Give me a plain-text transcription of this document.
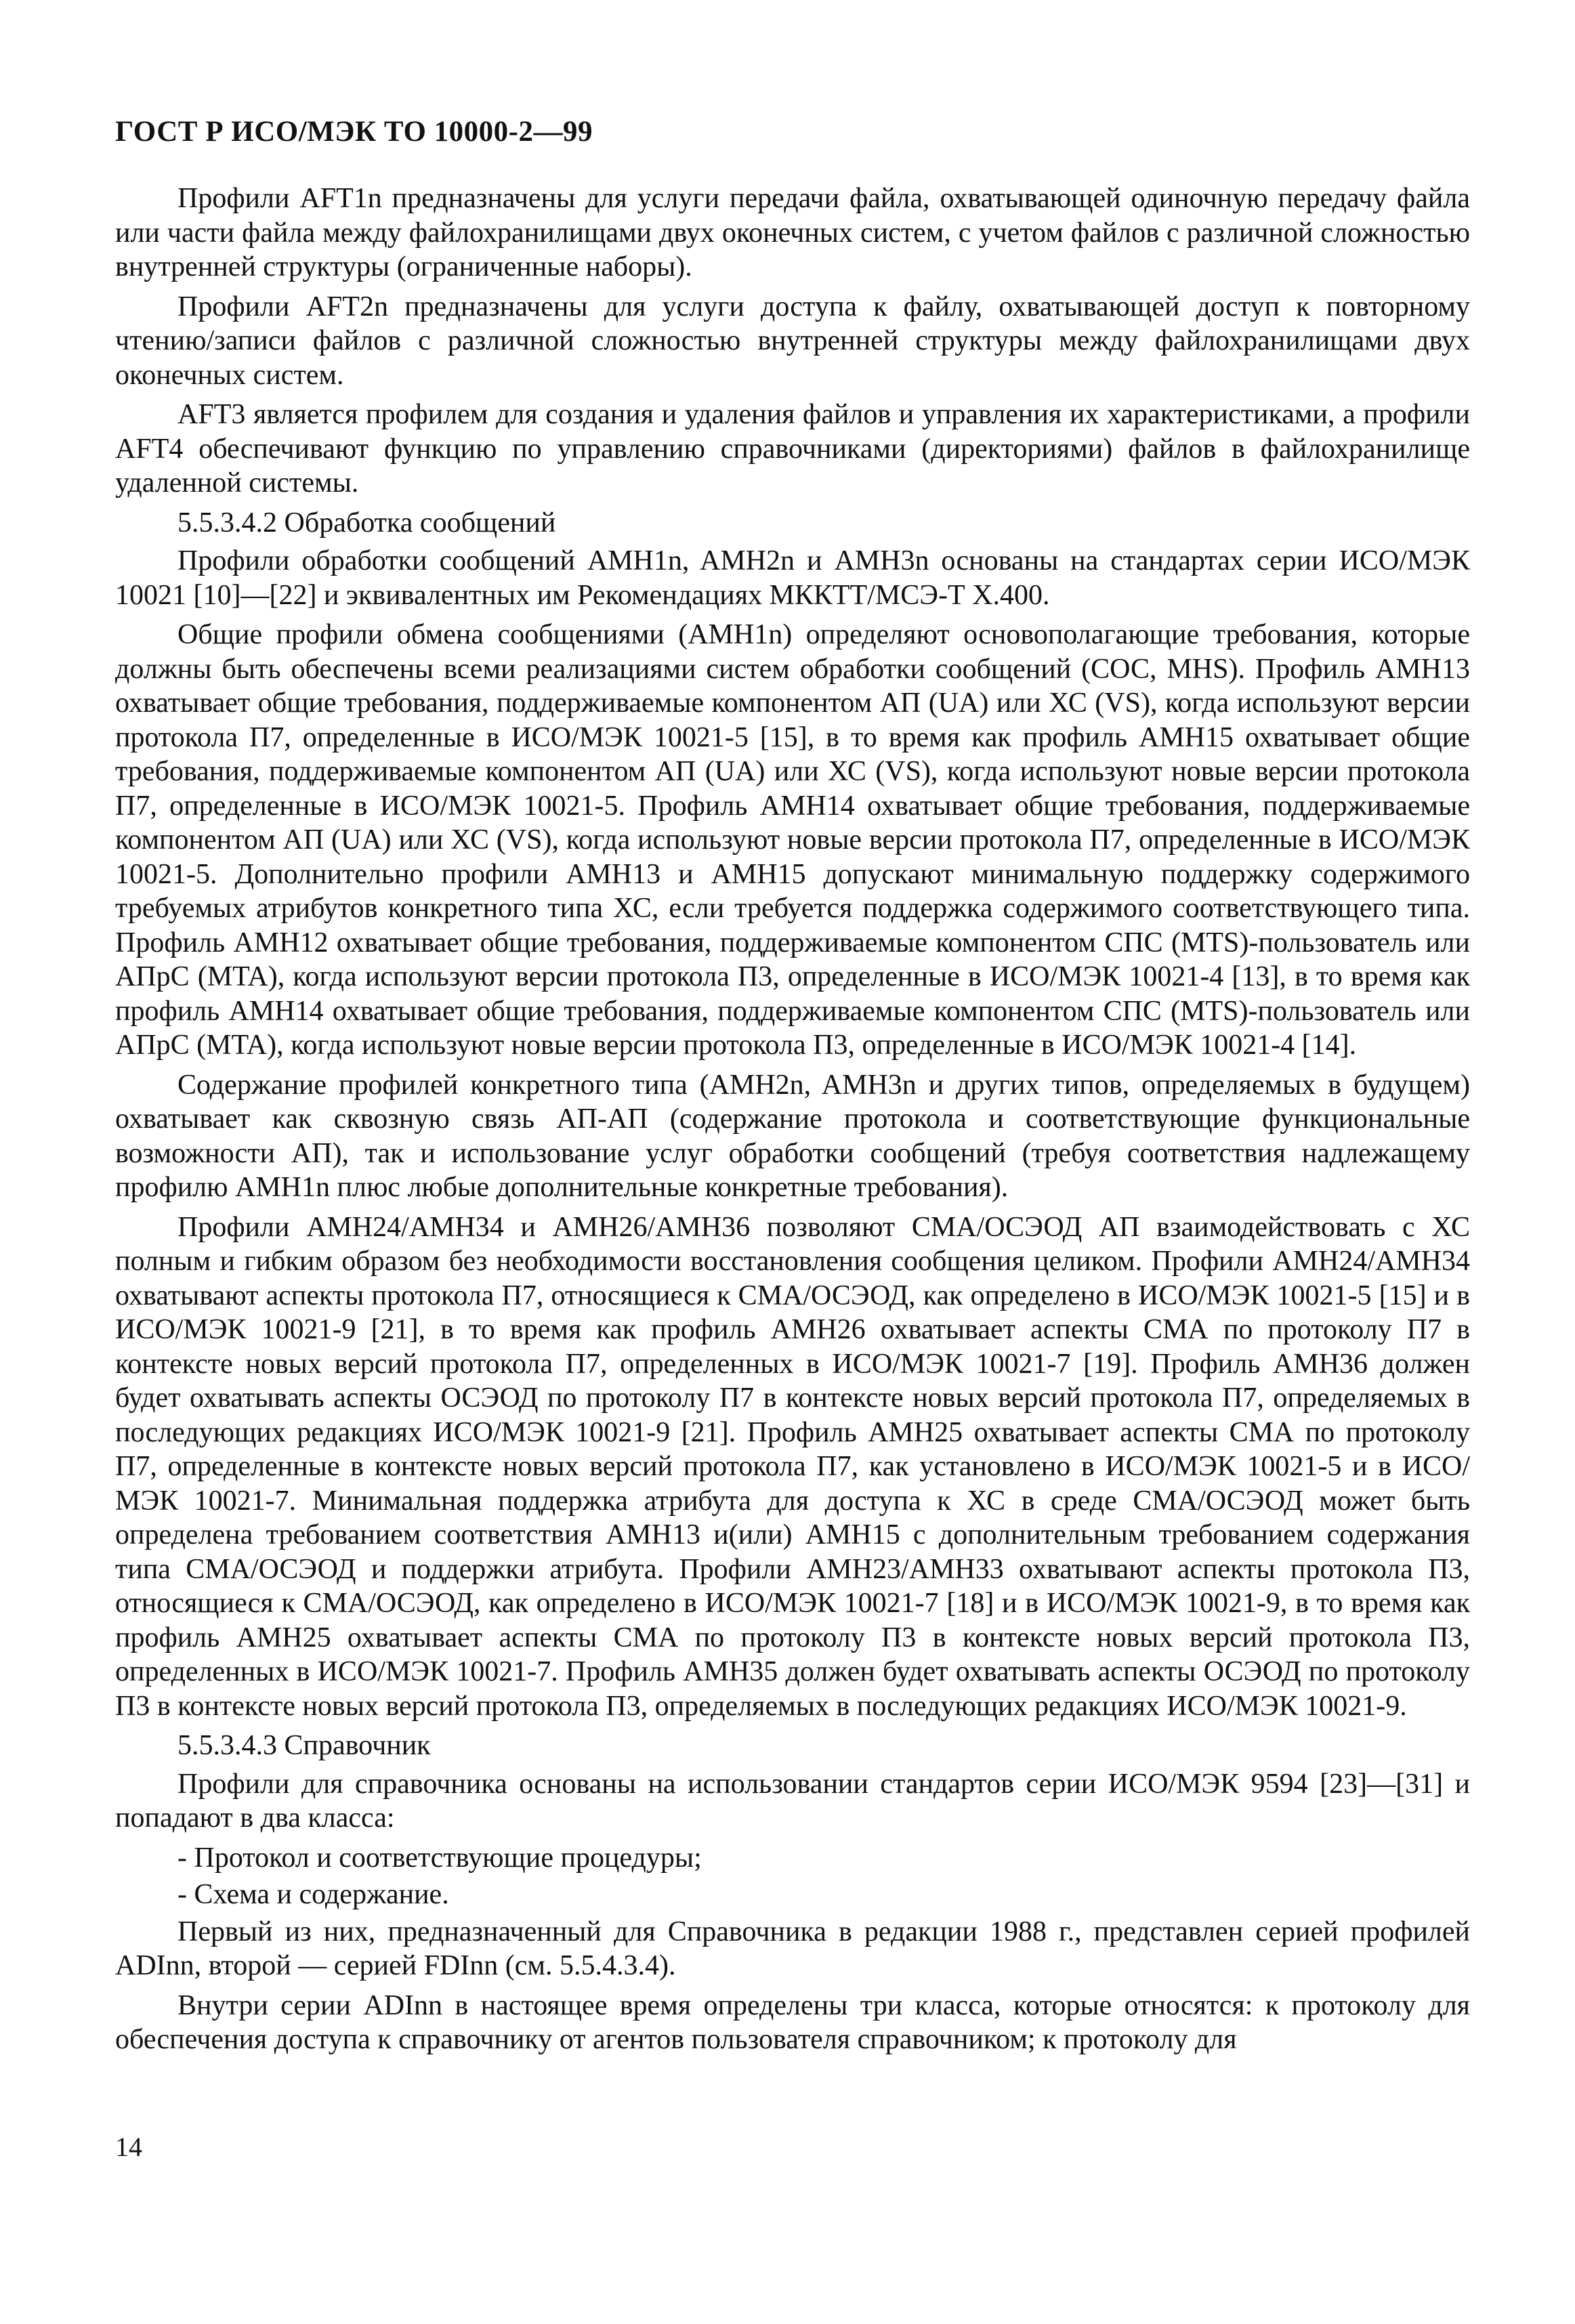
ГОСТ Р ИСО/МЭК ТО 10000-2—99

Профили AFT1n предназначены для услуги передачи файла, охватывающей одиночную передачу файла или части файла между файлохранилищами двух оконечных систем, с учетом файлов с различной сложностью внутренней структуры (ограниченные наборы).

Профили AFT2n предназначены для услуги доступа к файлу, охватывающей доступ к повторному чтению/записи файлов с различной сложностью внутренней структуры между файлохранилищами двух оконечных систем.

AFT3 является профилем для создания и удаления файлов и управления их характеристиками, а профили AFT4 обеспечивают функцию по управлению справочниками (директориями) файлов в файлохранилище удаленной системы.

5.5.3.4.2 Обработка сообщений

Профили обработки сообщений AMH1n, AMH2n и AMH3n основаны на стандартах серии ИСО/МЭК 10021 [10]—[22] и эквивалентных им Рекомендациях МККТТ/МСЭ-Т X.400.

Общие профили обмена сообщениями (AMH1n) определяют основополагающие требования, которые должны быть обеспечены всеми реализациями систем обработки сообщений (СОС, MHS). Профиль AMH13 охватывает общие требования, поддерживаемые компонентом АП (UA) или ХС (VS), когда используют версии протокола П7, определенные в ИСО/МЭК 10021-5 [15], в то время как профиль AMH15 охватывает общие требования, поддерживаемые компонентом АП (UA) или ХС (VS), когда используют новые версии протокола П7, определенные в ИСО/МЭК 10021-5. Профиль AMH14 охватывает общие требования, поддерживаемые компонентом АП (UA) или ХС (VS), когда используют новые версии протокола П7, определенные в ИСО/МЭК 10021-5. Дополнительно профили AMH13 и AMH15 допускают минимальную поддержку содержимого требуемых атрибутов конкретного типа ХС, если требуется поддержка содержимого соответствующего типа. Профиль AMH12 охватывает общие требования, поддерживаемые компонентом СПС (MTS)-пользователь или АПрС (MTA), когда используют версии протокола П3, определенные в ИСО/МЭК 10021-4 [13], в то время как профиль AMH14 охватывает общие требования, поддерживаемые компонентом СПС (MTS)-пользователь или АПрС (MTA), когда используют новые версии протокола П3, определенные в ИСО/МЭК 10021-4 [14].

Содержание профилей конкретного типа (AMH2n, AMH3n и других типов, определяемых в будущем) охватывает как сквозную связь АП-АП (содержание протокола и соответствующие функциональные возможности АП), так и использование услуг обработки сообщений (требуя соответствия надлежащему профилю AMH1n плюс любые дополнительные конкретные требования).

Профили AMH24/AMH34 и AMH26/AMH36 позволяют СМА/ОСЭОД АП взаимодействовать с ХС полным и гибким образом без необходимости восстановления сообщения целиком. Профили AMH24/AMH34 охватывают аспекты протокола П7, относящиеся к СМА/ОСЭОД, как определено в ИСО/МЭК 10021-5 [15] и в ИСО/МЭК 10021-9 [21], в то время как профиль AMH26 охватывает аспекты СМА по протоколу П7 в контексте новых версий протокола П7, определенных в ИСО/МЭК 10021-7 [19]. Профиль AMH36 должен будет охватывать аспекты ОСЭОД по протоколу П7 в контексте новых версий протокола П7, определяемых в последующих редакциях ИСО/МЭК 10021-9 [21]. Профиль AMH25 охватывает аспекты СМА по протоколу П7, определенные в контексте новых версий протокола П7, как установлено в ИСО/МЭК 10021-5 и в ИСО/МЭК 10021-7. Минимальная поддержка атрибута для доступа к ХС в среде СМА/ОСЭОД может быть определена требованием соответствия AMH13 и(или) AMH15 с дополнительным требованием содержания типа СМА/ОСЭОД и поддержки атрибута. Профили AMH23/AMH33 охватывают аспекты протокола П3, относящиеся к СМА/ОСЭОД, как определено в ИСО/МЭК 10021-7 [18] и в ИСО/МЭК 10021-9, в то время как профиль AMH25 охватывает аспекты СМА по протоколу П3 в контексте новых версий протокола П3, определенных в ИСО/МЭК 10021-7. Профиль AMH35 должен будет охватывать аспекты ОСЭОД по протоколу П3 в контексте новых версий протокола П3, определяемых в последующих редакциях ИСО/МЭК 10021-9.

5.5.3.4.3 Справочник

Профили для справочника основаны на использовании стандартов серии ИСО/МЭК 9594 [23]—[31] и попадают в два класса:

- Протокол и соответствующие процедуры;

- Схема и содержание.

Первый из них, предназначенный для Справочника в редакции 1988 г., представлен серией профилей ADInn, второй — серией FDInn (см. 5.5.4.3.4).

Внутри серии ADInn в настоящее время определены три класса, которые относятся: к протоколу для обеспечения доступа к справочнику от агентов пользователя справочником; к протоколу для

14
